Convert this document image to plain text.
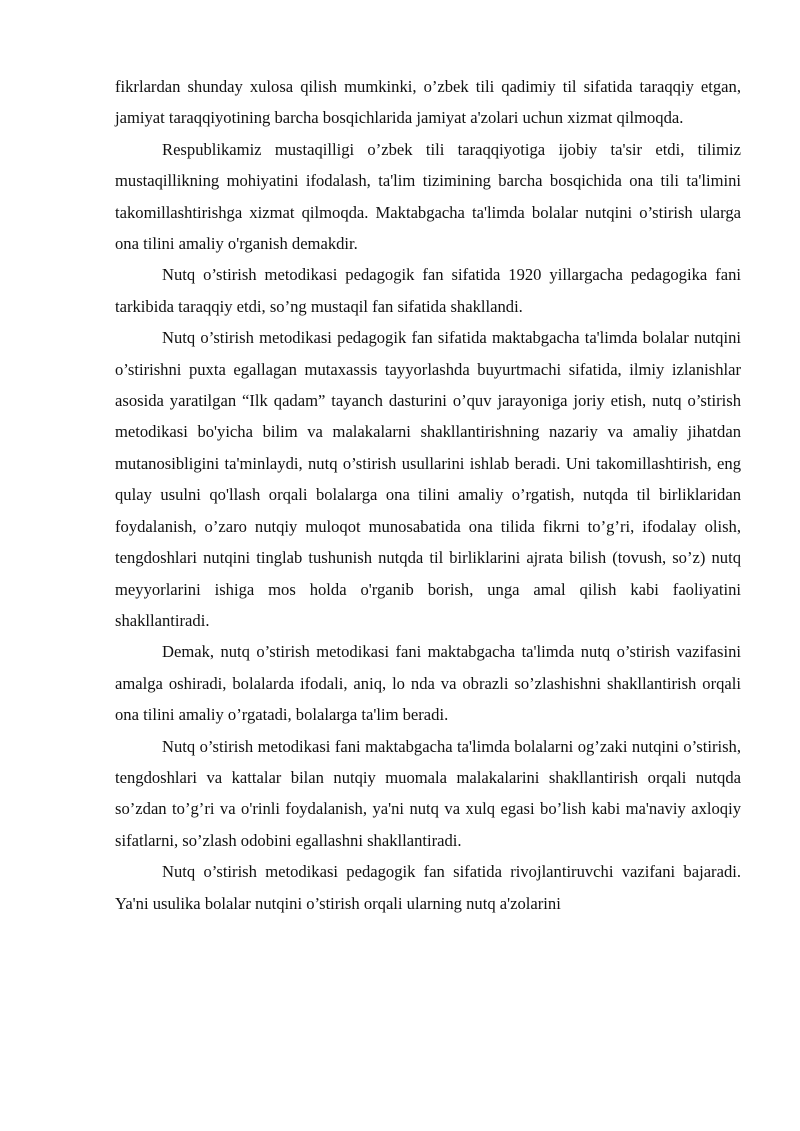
fikrlardan shunday xulosa qilish mumkinki, o’zbek tili qadimiy til sifatida taraqqiy etgan, jamiyat taraqqiyotining barcha bosqichlarida jamiyat a'zolari uchun xizmat qilmoqda.

Respublikamiz mustaqilligi o’zbek tili taraqqiyotiga ijobiy ta'sir etdi, tilimiz mustaqillikning mohiyatini ifodalash, ta'lim tizimining barcha bosqichida ona tili ta'limini takomillashtirishga xizmat qilmoqda. Maktabgacha ta'limda bolalar nutqini o’stirish ularga ona tilini amaliy o'rganish demakdir.

Nutq o’stirish metodikasi pedagogik fan sifatida 1920 yillargacha pedagogika fani tarkibida taraqqiy etdi, so’ng mustaqil fan sifatida shakllandi.

Nutq o’stirish metodikasi pedagogik fan sifatida maktabgacha ta'limda bolalar nutqini o’stirishni puxta egallagan mutaxassis tayyorlashda buyurtmachi sifatida, ilmiy izlanishlar asosida yaratilgan “Ilk qadam” tayanch dasturini o’quv jarayoniga joriy etish, nutq o’stirish metodikasi bo'yicha bilim va malakalarni shakllantirishning nazariy va amaliy jihatdan mutanosibligini ta'minlaydi, nutq o’stirish usullarini ishlab beradi. Uni takomillashtirish, eng qulay usulni qo'llash orqali bolalarga ona tilini amaliy o’rgatish, nutqda til birliklaridan foydalanish, o’zaro nutqiy muloqot munosabatida ona tilida fikrni to’g’ri, ifodalay olish, tengdoshlari nutqini tinglab tushunish nutqda til birliklarini ajrata bilish (tovush, so’z) nutq meyyorlarini ishiga mos holda o'rganib borish, unga amal qilish kabi faoliyatini shakllantiradi.

Demak, nutq o’stirish metodikasi fani maktabgacha ta'limda nutq o’stirish vazifasini amalga oshiradi, bolalarda ifodali, aniq, lo nda va obrazli so’zlashishni shakllantirish orqali ona tilini amaliy o’rgatadi, bolalarga ta'lim beradi.

Nutq o’stirish metodikasi fani maktabgacha ta'limda bolalarni og’zaki nutqini o’stirish, tengdoshlari va kattalar bilan nutqiy muomala malakalarini shakllantirish orqali nutqda so’zdan to’g’ri va o'rinli foydalanish, ya'ni nutq va xulq egasi bo’lish kabi ma'naviy axloqiy sifatlarni, so’zlash odobini egallashni shakllantiradi.

Nutq o’stirish metodikasi pedagogik fan sifatida rivojlantiruvchi vazifani bajaradi. Ya'ni usulika bolalar nutqini o’stirish orqali ularning nutq a'zolarini
